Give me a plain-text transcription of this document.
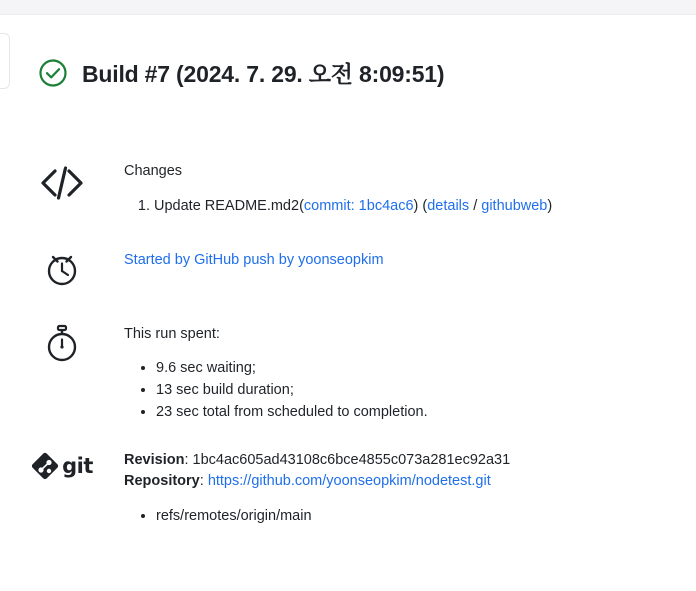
Build #7 (2024. 7. 29. 오전 8:09:51)
Changes
1. Update README.md2(commit: 1bc4ac6) (details / githubweb)
Started by GitHub push by yoonseopkim
This run spent:
• 9.6 sec waiting;
• 13 sec build duration;
• 23 sec total from scheduled to completion.
git Revision: 1bc4ac605ad43108c6bce4855c073a281ec92a31
Repository: https://github.com/yoonseopkim/nodetest.git
• refs/remotes/origin/main
